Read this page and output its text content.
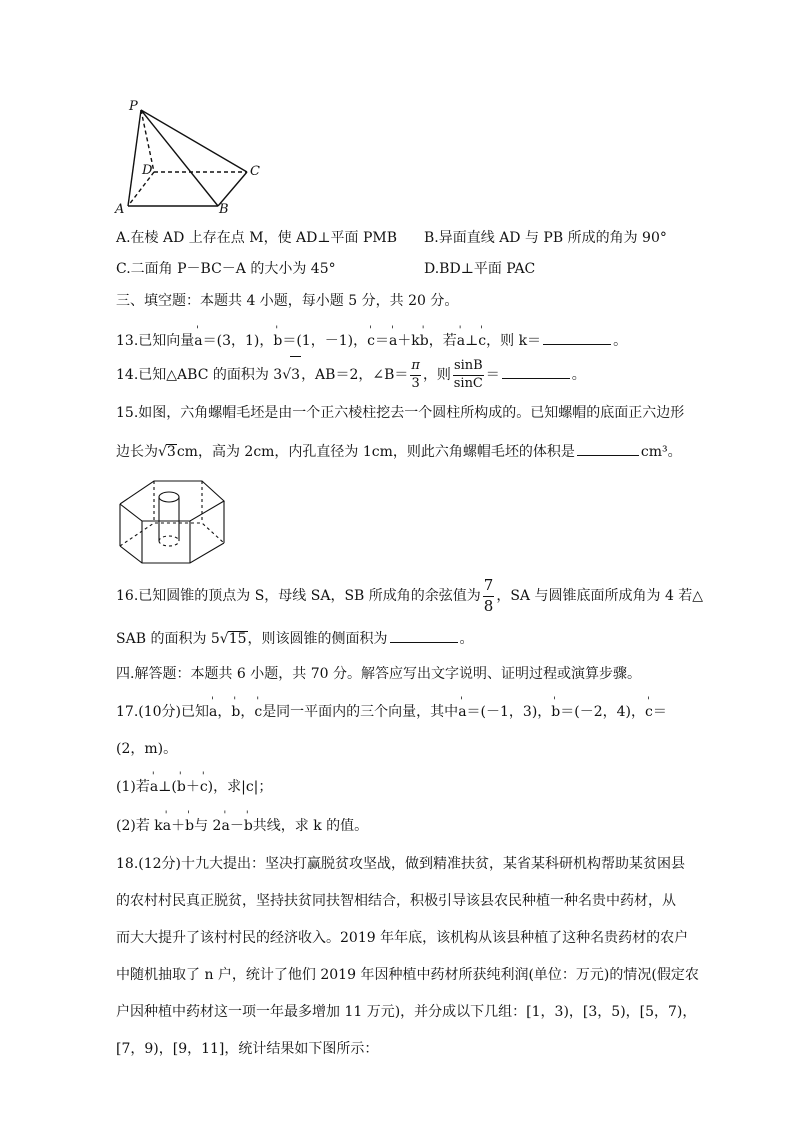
P
D	C
A	B
A.在棱 AD 上存在点 M，使 AD⊥平面 PMB B.异面直线 AD 与 PB 所成的角为 90°
C.二面角 P－BC－A 的大小为 45°	D.BD⊥平面 PAC
三、填空题：本题共 4 小题，每小题 5 分，共 20 分。
13.已知向量' a＝(3，1)，' b＝(1，－1)，' c＝' a＋k' b，若' a⊥' c，则 k＝	。
14.已知△ABC 的面积为 3√3，AB＝2，∠B＝ $\frac{\pi}{3}$ ，则 $\frac{\sin B}{\sin C}$ ＝	。
15.如图，六角螺帽毛坯是由一个正六棱柱挖去一个圆柱所构成的。已知螺帽的底面正六边形
边长为√3cm，高为 2cm，内孔直径为 1cm，则此六角螺帽毛坯的体积是	cm³。
16.已知圆锥的顶点为 S，母线 SA，SB 所成角的余弦值为 $\frac{7}{8}$ ，SA 与圆锥底面所成角为 4 若△
SAB 的面积为 5√15，则该圆锥的侧面积为	。
四.解答题：本题共 6 小题，共 70 分。解答应写出文字说明、证明过程或演算步骤。
17.(10分)已知' a，' b，' c是同一平面内的三个向量，其中' a＝(－1，3)，' b＝(－2，4)，' c＝
(2，m)。
(1)若' a⊥(' b＋' c)，求|c|；
(2)若 k' a＋' b与 2' a－' b共线，求 k 的值。
18.(12分)十九大提出：坚决打赢脱贫攻坚战，做到精准扶贫，某省某科研机构帮助某贫困县
的农村村民真正脱贫，坚持扶贫同扶智相结合，积极引导该县农民种植一种名贵中药材，从
而大大提升了该村村民的经济收入。2019 年年底，该机构从该县种植了这种名贵药材的农户
中随机抽取了 n 户，统计了他们 2019 年因种植中药材所获纯利润(单位：万元)的情况(假定农
户因种植中药材这一项一年最多增加 11 万元)，并分成以下几组：[1，3)，[3，5)，[5，7)，
[7，9)，[9，11]，统计结果如下图所示：
